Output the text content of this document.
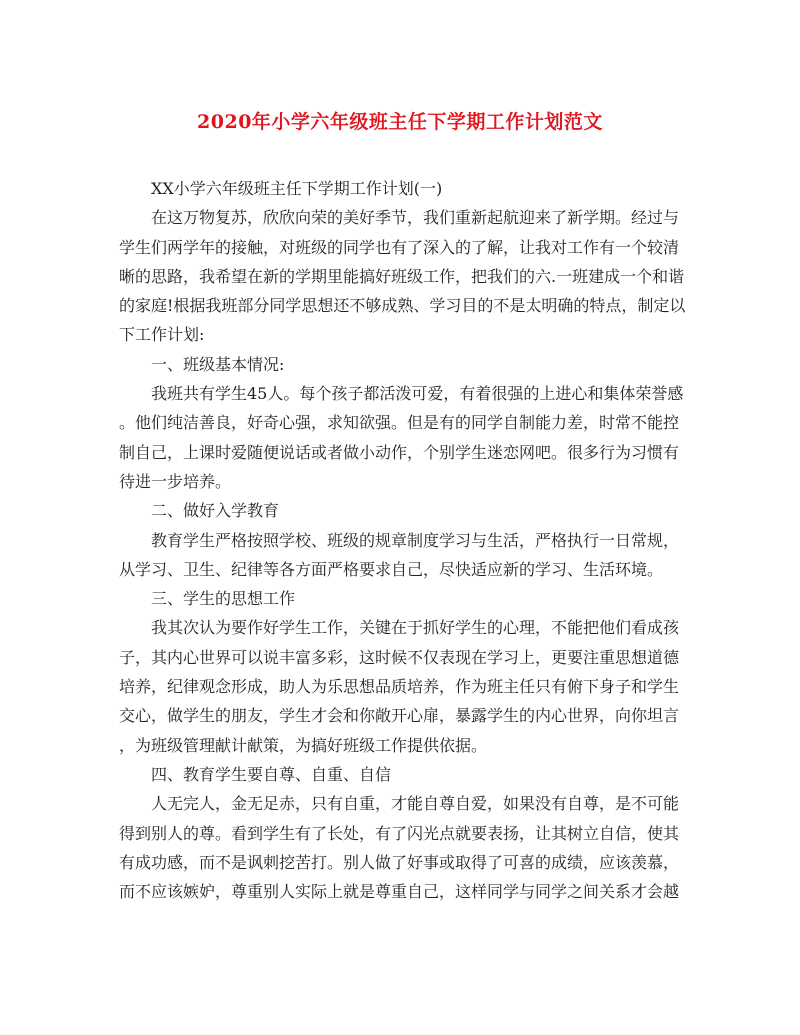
2020年小学六年级班主任下学期工作计划范文
XX小学六年级班主任下学期工作计划(一)
在这万物复苏，欣欣向荣的美好季节，我们重新起航迎来了新学期。经过与
学生们两学年的接触，对班级的同学也有了深入的了解，让我对工作有一个较清
晰的思路，我希望在新的学期里能搞好班级工作，把我们的六.一班建成一个和谐
的家庭!根据我班部分同学思想还不够成熟、学习目的不是太明确的特点，制定以
下工作计划:
一、班级基本情况:
我班共有学生45人。每个孩子都活泼可爱，有着很强的上进心和集体荣誉感
。他们纯洁善良，好奇心强，求知欲强。但是有的同学自制能力差，时常不能控
制自己，上课时爱随便说话或者做小动作，个别学生迷恋网吧。很多行为习惯有
待进一步培养。
二、做好入学教育
教育学生严格按照学校、班级的规章制度学习与生活，严格执行一日常规，
从学习、卫生、纪律等各方面严格要求自己，尽快适应新的学习、生活环境。
三、学生的思想工作
我其次认为要作好学生工作，关键在于抓好学生的心理，不能把他们看成孩
子，其内心世界可以说丰富多彩，这时候不仅表现在学习上，更要注重思想道德
培养，纪律观念形成，助人为乐思想品质培养，作为班主任只有俯下身子和学生
交心，做学生的朋友，学生才会和你敞开心扉，暴露学生的内心世界，向你坦言
，为班级管理献计献策，为搞好班级工作提供依据。
四、教育学生要自尊、自重、自信
人无完人，金无足赤，只有自重，才能自尊自爱，如果没有自尊，是不可能
得到别人的尊。看到学生有了长处，有了闪光点就要表扬，让其树立自信，使其
有成功感，而不是讽刺挖苦打。别人做了好事或取得了可喜的成绩，应该羡慕，
而不应该嫉妒，尊重别人实际上就是尊重自己，这样同学与同学之间关系才会越
